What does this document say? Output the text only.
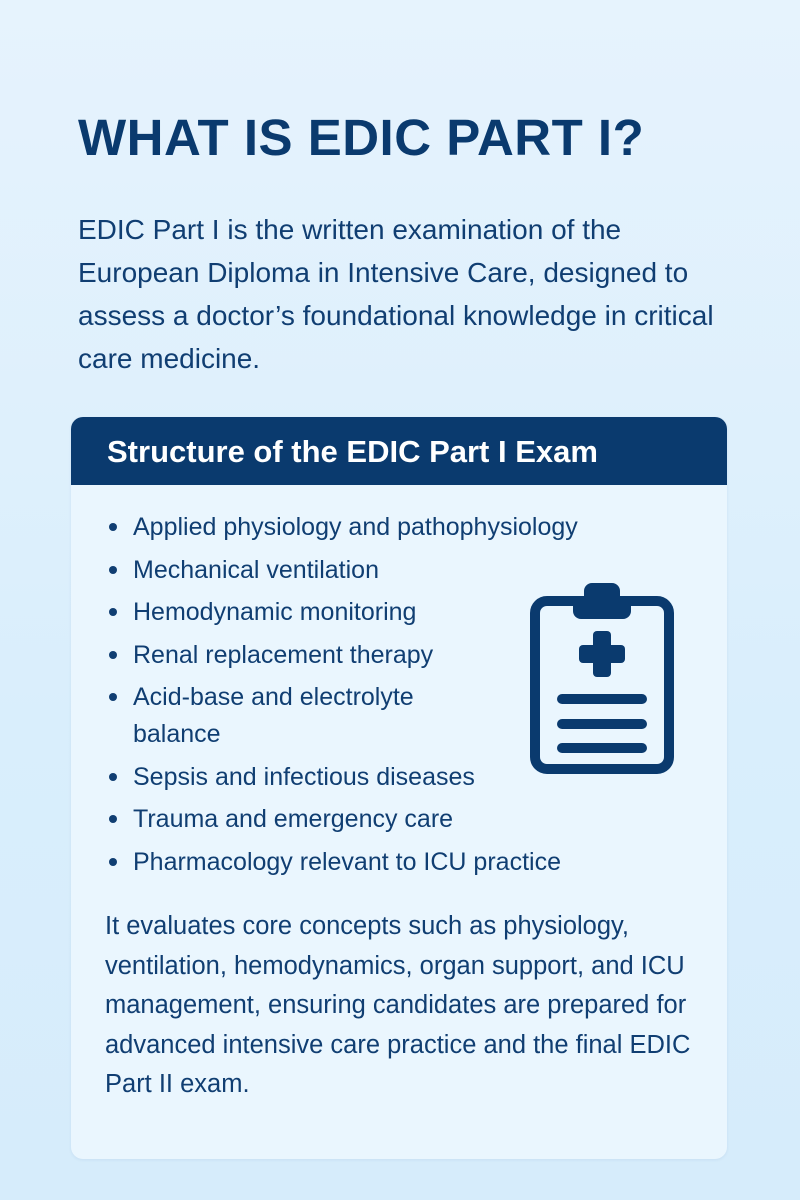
WHAT IS EDIC PART I?

EDIC Part I is the written examination of the European Diploma in Intensive Care, designed to assess a doctor’s foundational knowledge in critical care medicine.

Structure of the EDIC Part I Exam
Applied physiology and pathophysiology
Mechanical ventilation
Hemodynamic monitoring
Renal replacement therapy
Acid-base and electrolyte balance
Sepsis and infectious diseases
Trauma and emergency care
Pharmacology relevant to ICU practice

It evaluates core concepts such as physiology, ventilation, hemodynamics, organ support, and ICU management, ensuring candidates are prepared for advanced intensive care practice and the final EDIC Part II exam.
